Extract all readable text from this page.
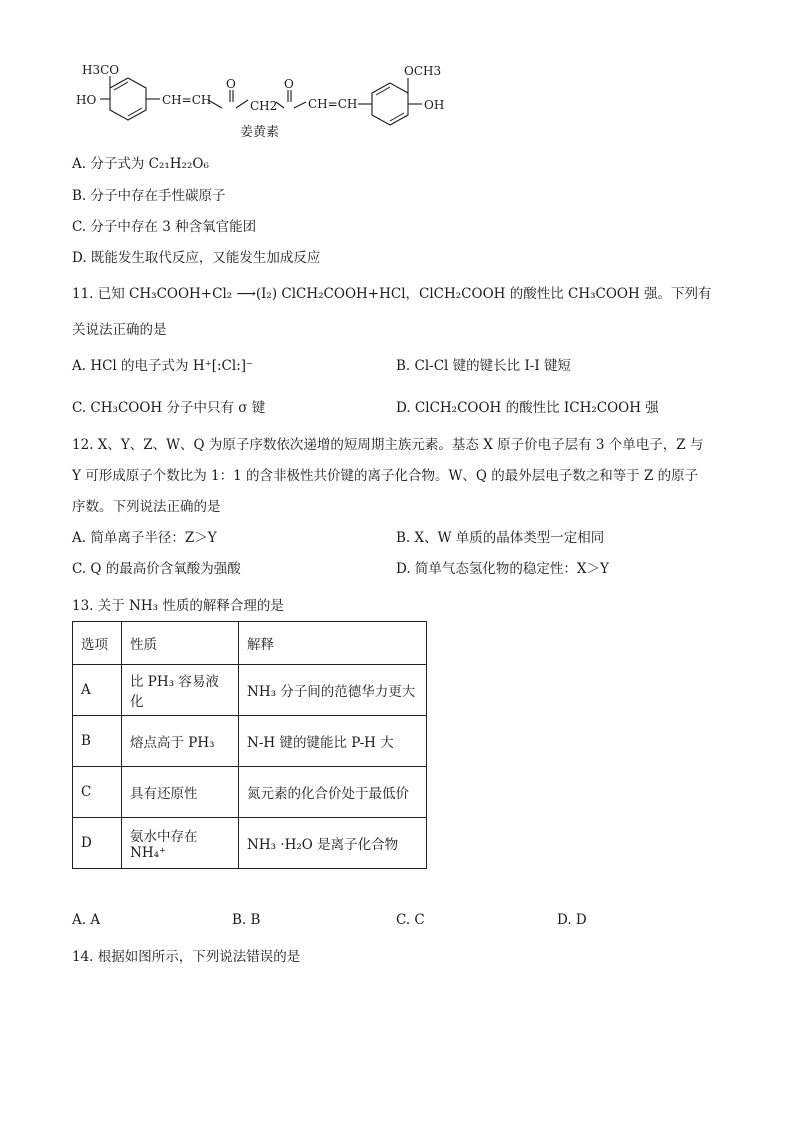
H3CO
HO	CH=CH
O
CH2
O
CH=CH
OCH3
OH
姜黄素
A. 分子式为 C₂₁H₂₂O₆
B. 分子中存在手性碳原子
C. 分子中存在 3 种含氧官能团
D. 既能发生取代反应，又能发生加成反应
11. 已知 CH₃COOH+Cl₂ ⟶(I₂) ClCH₂COOH+HCl，ClCH₂COOH 的酸性比 CH₃COOH 强。下列有
关说法正确的是
A. HCl 的电子式为 H⁺[:Cl:]⁻	B. Cl-Cl 键的键长比 I-I 键短
C. CH₃COOH 分子中只有 σ 键	D. ClCH₂COOH 的酸性比 ICH₂COOH 强
12. X、Y、Z、W、Q 为原子序数依次递增的短周期主族元素。基态 X 原子价电子层有 3 个单电子，Z 与
Y 可形成原子个数比为 1：1 的含非极性共价键的离子化合物。W、Q 的最外层电子数之和等于 Z 的原子
序数。下列说法正确的是
A. 简单离子半径：Z＞Y	B. X、W 单质的晶体类型一定相同
C. Q 的最高价含氧酸为强酸	D. 简单气态氢化物的稳定性：X＞Y
13. 关于 NH₃ 性质的解释合理的是
选项	性质	解释
A	比 PH₃ 容易液化	NH₃ 分子间的范德华力更大
B	熔点高于 PH₃	N-H 键的键能比 P-H 大
C	具有还原性	氮元素的化合价处于最低价
D	氨水中存在 NH₄⁺	NH₃ ·H₂O 是离子化合物
A. A	B. B	C. C	D. D
14. 根据如图所示，下列说法错误的是
